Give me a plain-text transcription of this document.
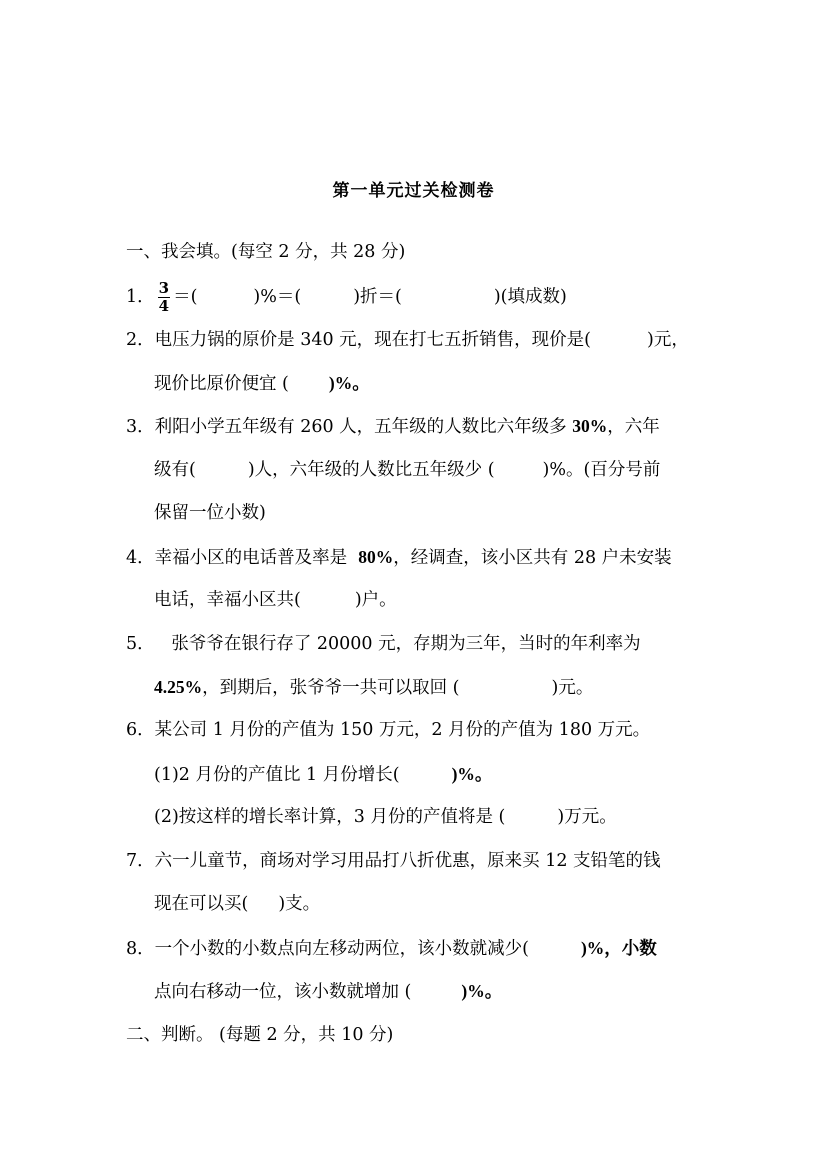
第一单元过关检测卷
一、我会填。(每空 2 分，共 28 分)
1． $\frac{3}{4}$ ＝(	)%＝(	)折＝(	)(填成数)
2．电压力锅的原价是 340 元，现在打七五折销售，现价是(	)元，
现价比原价便宜 ( )%。
3．利阳小学五年级有 260 人，五年级的人数比六年级多 30%，六年
级有(	)人，六年级的人数比五年级少 (	)%。(百分号前
保留一位小数)
4．幸福小区的电话普及率是  80%，经调查，该小区共有 28 户未安装
电话，幸福小区共(	)户。
5．   张爷爷在银行存了 20000 元，存期为三年，当时的年利率为
4.25%，到期后，张爷爷一共可以取回 (	)元。
6．某公司 1 月份的产值为 150 万元，2 月份的产值为 180 万元。
(1)2 月份的产值比 1 月份增长(	)%。
(2)按这样的增长率计算，3 月份的产值将是 (	)万元。
7．六一儿童节，商场对学习用品打八折优惠，原来买 12 支铅笔的钱
现在可以买( )支。
8．一个小数的小数点向左移动两位，该小数就减少(	)%，小数
点向右移动一位，该小数就增加 (	)%。
二、判断。 (每题 2 分，共 10 分)
